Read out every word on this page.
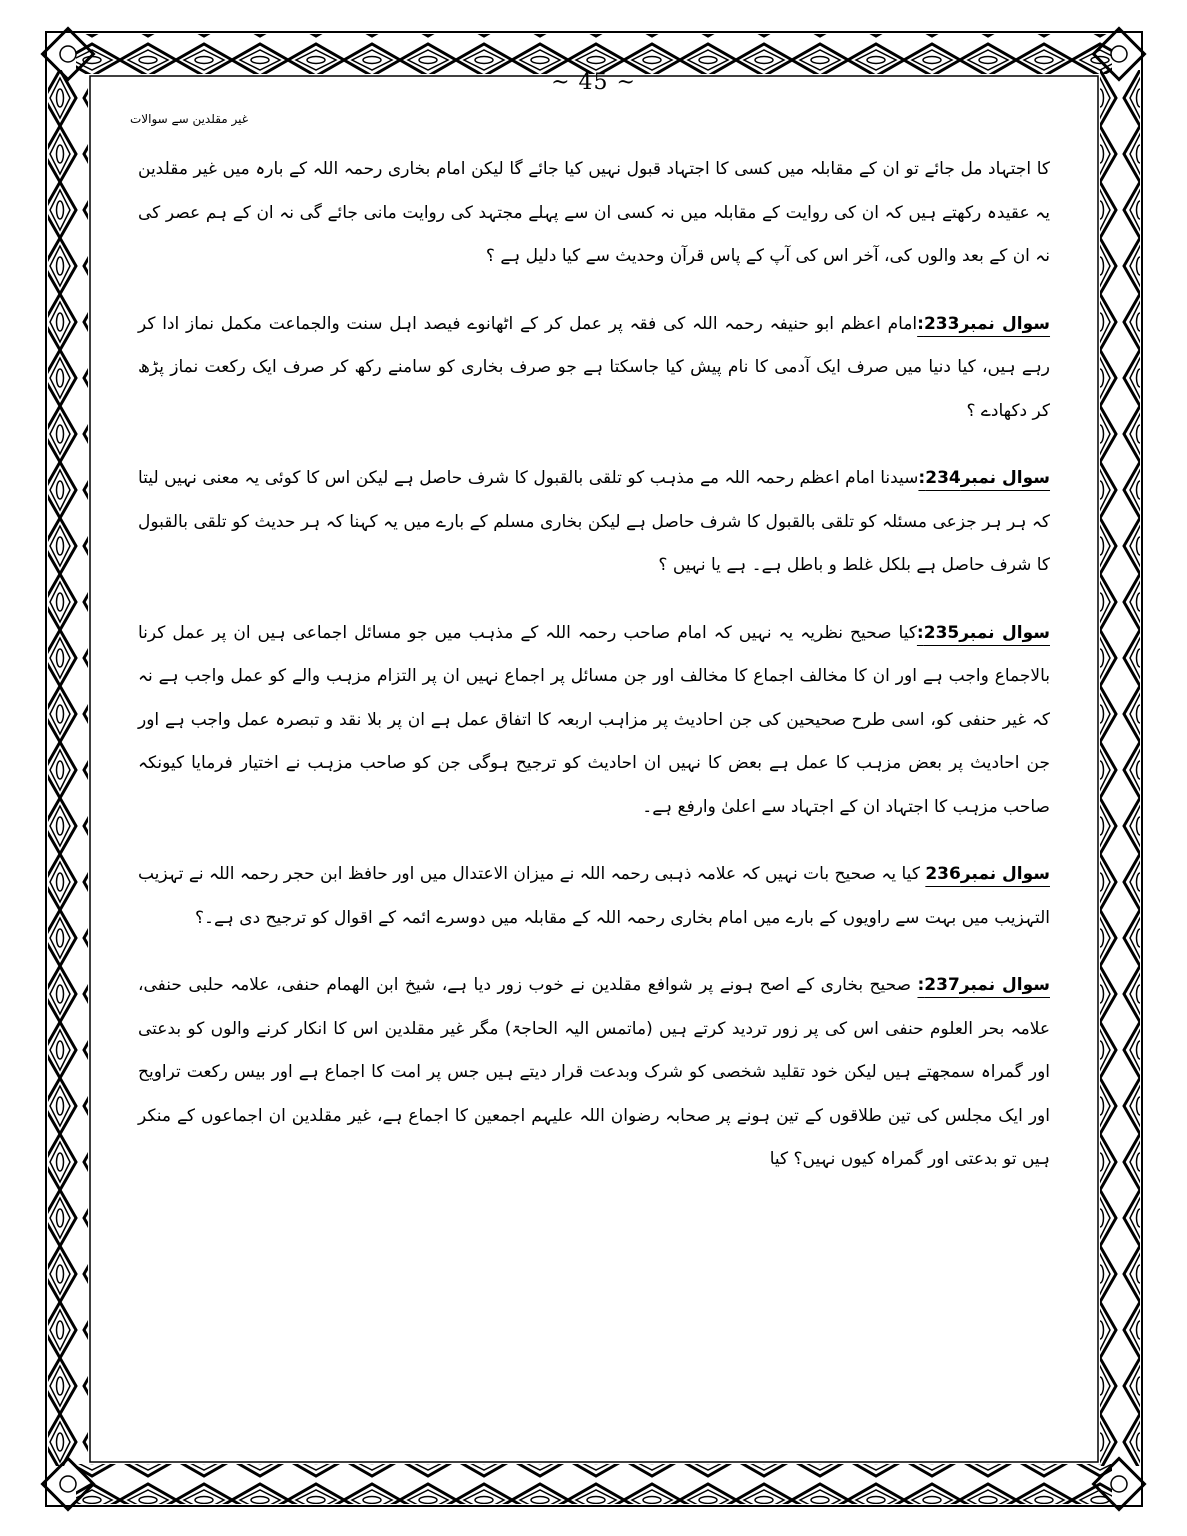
~ 45 ~
غیر مقلدین سے سوالات

کا اجتہاد مل جائے تو ان کے مقابلہ میں کسی کا اجتہاد قبول نہیں کیا جائے گا لیکن امام بخاری رحمہ اللہ کے بارہ میں غیر مقلدین یہ عقیدہ رکھتے ہیں کہ ان کی روایت کے مقابلہ میں نہ کسی ان سے پہلے مجتہد کی روایت مانی جائے گی نہ ان کے ہم عصر کی نہ ان کے بعد والوں کی، آخر اس کی آپ کے پاس قرآن وحدیث سے کیا دلیل ہے ؟

سوال نمبر233:امام اعظم ابو حنیفہ رحمہ اللہ کی فقہ پر عمل کر کے اٹھانوے فیصد اہل سنت والجماعت مکمل نماز ادا کر رہے ہیں، کیا دنیا میں صرف ایک آدمی کا نام پیش کیا جاسکتا ہے جو صرف بخاری کو سامنے رکھ کر صرف ایک رکعت نماز پڑھ کر دکھادے ؟

سوال نمبر234:سیدنا امام اعظم رحمہ اللہ مے مذہب کو تلقی بالقبول کا شرف حاصل ہے لیکن اس کا کوئی یہ معنی نہیں لیتا کہ ہر ہر جزعی مسئلہ کو تلقی بالقبول کا شرف حاصل ہے لیکن بخاری مسلم کے بارے میں یہ کہنا کہ ہر حدیث کو تلقی بالقبول کا شرف حاصل ہے بلکل غلط و باطل ہے۔ ہے یا نہیں ؟

سوال نمبر235:کیا صحیح نظریہ یہ نہیں کہ امام صاحب رحمہ اللہ کے مذہب میں جو مسائل اجماعی ہیں ان پر عمل کرنا بالاجماع واجب ہے اور ان کا مخالف اجماع کا مخالف اور جن مسائل پر اجماع نہیں ان پر التزام مزہب والے کو عمل واجب ہے نہ کہ غیر حنفی کو، اسی طرح صحیحین کی جن احادیث پر مزاہب اربعہ کا اتفاق عمل ہے ان پر بلا نقد و تبصرہ عمل واجب ہے اور جن احادیث پر بعض مزہب کا عمل ہے بعض کا نہیں ان احادیث کو ترجیح ہوگی جن کو صاحب مزہب نے اختیار فرمایا کیونکہ صاحب مزہب کا اجتہاد ان کے اجتہاد سے اعلیٰ وارفع ہے۔

سوال نمبر236 کیا یہ صحیح بات نہیں کہ علامہ ذہبی رحمہ اللہ نے میزان الاعتدال میں اور حافظ ابن حجر رحمہ اللہ نے تہزیب التہزیب میں بہت سے راویوں کے بارے میں امام بخاری رحمہ اللہ کے مقابلہ میں دوسرے ائمہ کے اقوال کو ترجیح دی ہے۔؟

سوال نمبر237: صحیح بخاری کے اصح ہونے پر شوافع مقلدین نے خوب زور دیا ہے، شیخ ابن الھمام حنفی، علامہ حلبی حنفی، علامہ بحر العلوم حنفی اس کی پر زور تردید کرتے ہیں (ماتمس الیہ الحاجۃ) مگر غیر مقلدین اس کا انکار کرنے والوں کو بدعتی اور گمراہ سمجھتے ہیں لیکن خود تقلید شخصی کو شرک وبدعت قرار دیتے ہیں جس پر امت کا اجماع ہے اور بیس رکعت تراویح اور ایک مجلس کی تین طلاقوں کے تین ہونے پر صحابہ رضوان اللہ علیہم اجمعین کا اجماع ہے، غیر مقلدین ان اجماعوں کے منکر ہیں تو بدعتی اور گمراہ کیوں نہیں؟ کیا
